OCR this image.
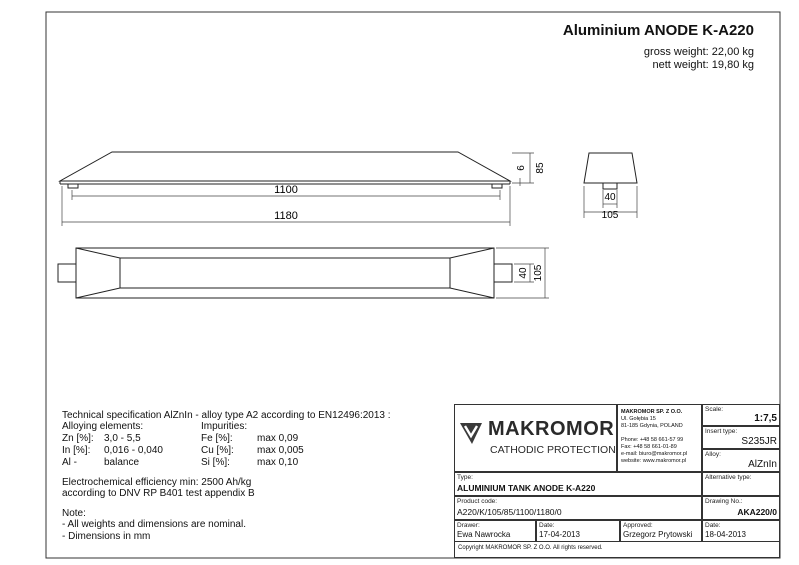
1100
1180
6 85
40
105
40 105
Aluminium ANODE K-A220
gross weight: 22,00 kg
nett weight: 19,80 kg
Technical specification AlZnIn - alloy type A2 according to EN12496:2013 :
Alloying elements:	Impurities:
Zn [%]: 3,0 - 5,5	Fe [%]: max 0,09
In [%]: 0,016 - 0,040	Cu [%]: max 0,005
Al -	balance	Si [%]:	max 0,10
Electrochemical efficiency min: 2500 Ah/kg
according to DNV RP B401 test appendix B
Note:
- All weights and dimensions are nominal.
- Dimensions in mm
MAKROMOR
CATHODIC PROTECTION
MAKROMOR SP. Z O.O.
Ul. Gołębia 15
81-185 Gdynia, POLAND
Phone: +48 58 661-57 99
Fax: +48 58 661-01-89
e-mail: biuro@makromor.pl
website: www.makromor.pl
Scale:
1:7,5
Insert type:
S235JR
Alloy:
AlZnIn
Type:
ALUMINIUM TANK ANODE K-A220
Alternative type:
Product code:
A220/K/105/85/1100/1180/0
Drawing No.:
AKA220/0
Drawer:
Ewa Nawrocka
Date:
17-04-2013
Approved:
Grzegorz Prytowski
Date:
18-04-2013
Copyright MAKROMOR SP. Z O.O. All rights reserved.
